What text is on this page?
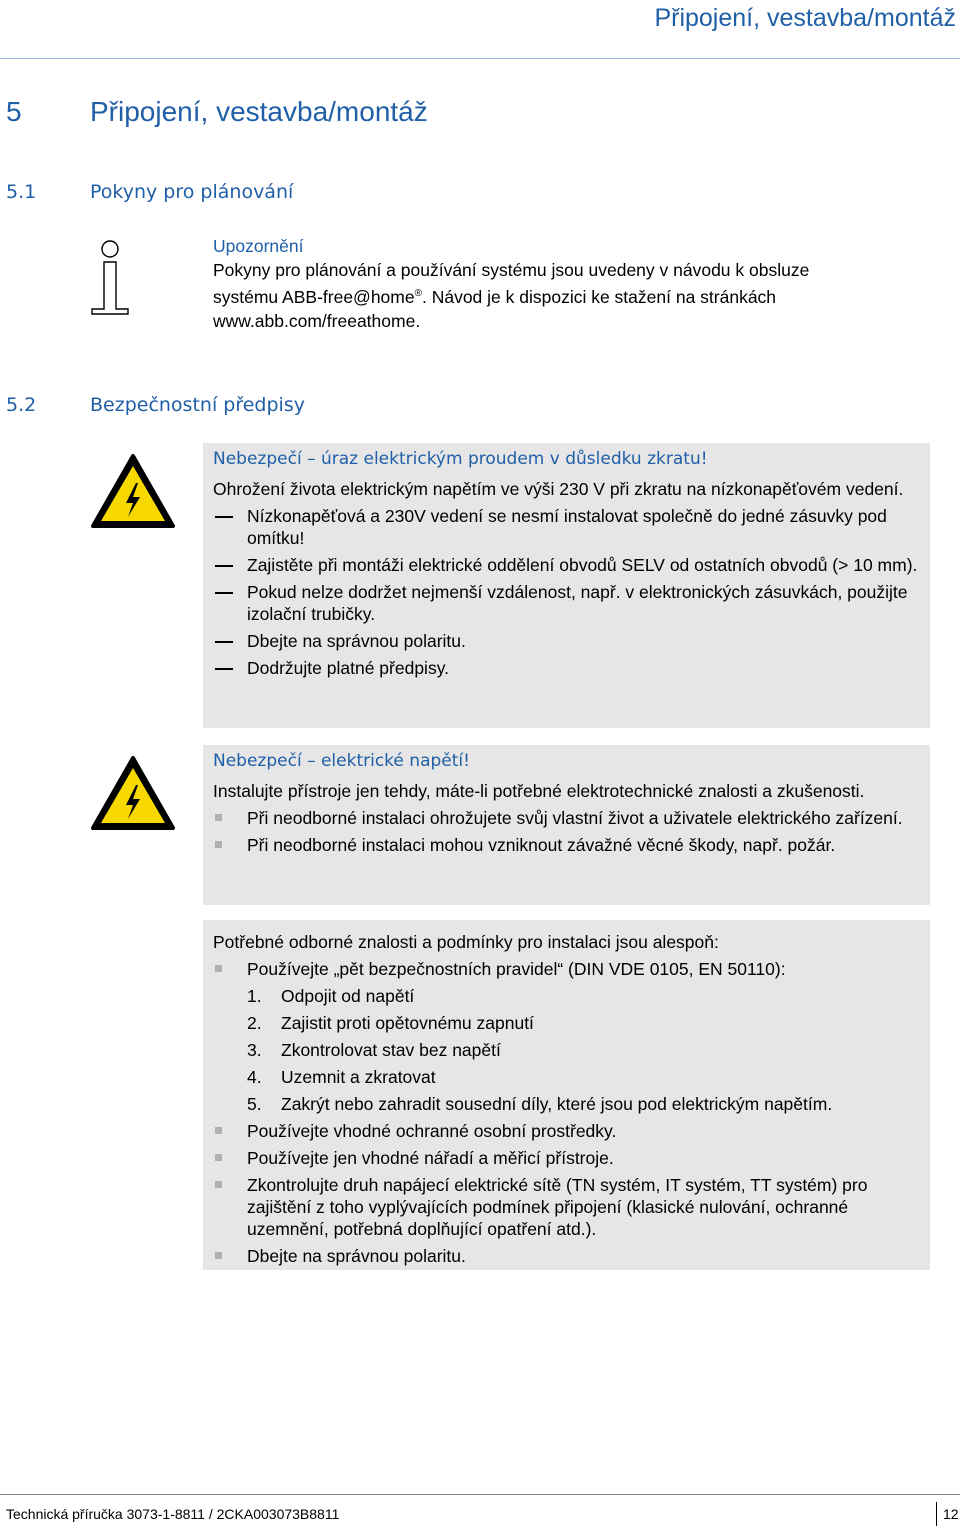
Připojení, vestavba/montáž
5 Připojení, vestavba/montáž
5.1	Pokyny pro plánování
Upozornění
Pokyny pro plánování a používání systému jsou uvedeny v návodu k obsluze
systému ABB-free@home®. Návod je k dispozici ke stažení na stránkách
www.abb.com/freeathome.
5.2	Bezpečnostní předpisy
Nebezpečí – úraz elektrickým proudem v důsledku zkratu!
Ohrožení života elektrickým napětím ve výši 230 V při zkratu na nízkonapěťovém vedení.
Nízkonapěťová a 230V vedení se nesmí instalovat společně do jedné zásuvky pod omítku!
Zajistěte při montáži elektrické oddělení obvodů SELV od ostatních obvodů (> 10 mm).
Pokud nelze dodržet nejmenší vzdálenost, např. v elektronických zásuvkách, použijte izolační trubičky.
Dbejte na správnou polaritu.
Dodržujte platné předpisy.
Nebezpečí – elektrické napětí!
Instalujte přístroje jen tehdy, máte-li potřebné elektrotechnické znalosti a zkušenosti.
Při neodborné instalaci ohrožujete svůj vlastní život a uživatele elektrického zařízení.
Při neodborné instalaci mohou vzniknout závažné věcné škody, např. požár.
Potřebné odborné znalosti a podmínky pro instalaci jsou alespoň:
Používejte „pět bezpečnostních pravidel“ (DIN VDE 0105, EN 50110):
1. Odpojit od napětí
2. Zajistit proti opětovnému zapnutí
3. Zkontrolovat stav bez napětí
4. Uzemnit a zkratovat
5. Zakrýt nebo zahradit sousední díly, které jsou pod elektrickým napětím.
Používejte vhodné ochranné osobní prostředky.
Používejte jen vhodné nářadí a měřicí přístroje.
Zkontrolujte druh napájecí elektrické sítě (TN systém, IT systém, TT systém) pro zajištění z toho vyplývajících podmínek připojení (klasické nulování, ochranné uzemnění, potřebná doplňující opatření atd.).
Dbejte na správnou polaritu.
Technická příručka 3073-1-8811 / 2CKA003073B8811	12
